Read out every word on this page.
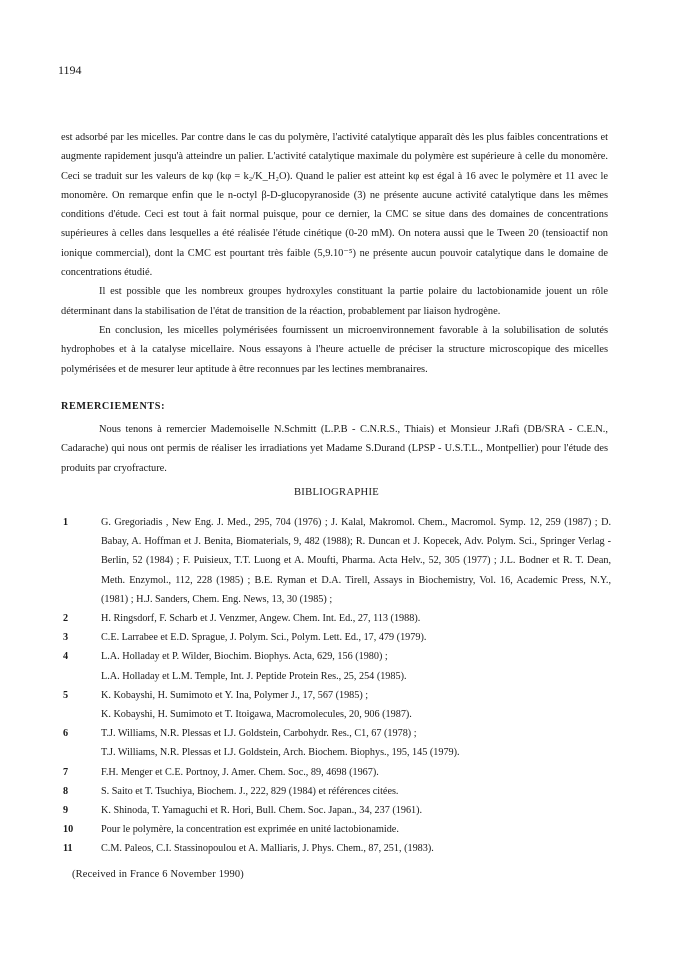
1194

est adsorbé par les micelles. Par contre dans le cas du polymère, l'activité catalytique apparaît dès les plus faibles concentrations et augmente rapidement jusqu'à atteindre un palier. L'activité catalytique maximale du polymère est supérieure à celle du monomère. Ceci se traduit sur les valeurs de kφ (kφ = k₂/K_H₂O). Quand le palier est atteint kφ est égal à 16 avec le polymère et 11 avec le monomère. On remarque enfin que le n-octyl β-D-glucopyranoside (3) ne présente aucune activité catalytique dans les mêmes conditions d'étude. Ceci est tout à fait normal puisque, pour ce dernier, la CMC se situe dans des domaines de concentrations supérieures à celles dans lesquelles a été réalisée l'étude cinétique (0-20 mM). On notera aussi que le Tween 20 (tensioactif non ionique commercial), dont la CMC est pourtant très faible (5,9.10⁻⁵) ne présente aucun pouvoir catalytique dans le domaine de concentrations étudié.

Il est possible que les nombreux groupes hydroxyles constituant la partie polaire du lactobionamide jouent un rôle déterminant dans la stabilisation de l'état de transition de la réaction, probablement par liaison hydrogène.

En conclusion, les micelles polymérisées fournissent un microenvironnement favorable à la solubilisation de solutés hydrophobes et à la catalyse micellaire. Nous essayons à l'heure actuelle de préciser la structure microscopique des micelles polymérisées et de mesurer leur aptitude à être reconnues par les lectines membranaires.

REMERCIEMENTS:
Nous tenons à remercier Mademoiselle N.Schmitt (L.P.B - C.N.R.S., Thiais) et Monsieur J.Rafi (DB/SRA - C.E.N., Cadarache) qui nous ont permis de réaliser les irradiations yet Madame S.Durand (LPSP - U.S.T.L., Montpellier) pour l'étude des produits par cryofracture.
BIBLIOGRAPHIE
1	G. Gregoriadis , New Eng. J. Med., 295, 704 (1976) ; J. Kalal, Makromol. Chem., Macromol. Symp. 12, 259 (1987) ; D. Babay, A. Hoffman et J. Benita, Biomaterials, 9, 482 (1988); R. Duncan et J. Kopecek, Adv. Polym. Sci., Springer Verlag - Berlin, 52 (1984) ; F. Puisieux, T.T. Luong et A. Moufti, Pharma. Acta Helv., 52, 305 (1977) ; J.L. Bodner et R. T. Dean, Meth. Enzymol., 112, 228 (1985) ; B.E. Ryman et D.A. Tirell, Assays in Biochemistry, Vol. 16, Academic Press, N.Y., (1981) ; H.J. Sanders, Chem. Eng. News, 13, 30 (1985) ;
2	H. Ringsdorf, F. Scharb et J. Venzmer, Angew. Chem. Int. Ed., 27, 113 (1988).
3	C.E. Larrabee et E.D. Sprague, J. Polym. Sci., Polym. Lett. Ed., 17, 479 (1979).
4	L.A. Holladay et P. Wilder, Biochim. Biophys. Acta, 629, 156 (1980) ;
L.A. Holladay et L.M. Temple, Int. J. Peptide Protein Res., 25, 254 (1985).
5	K. Kobayshi, H. Sumimoto et Y. Ina, Polymer J., 17, 567 (1985) ;
K. Kobayshi, H. Sumimoto et T. Itoigawa, Macromolecules, 20, 906 (1987).
6	T.J. Williams, N.R. Plessas et I.J. Goldstein, Carbohydr. Res., C1, 67 (1978) ;
T.J. Williams, N.R. Plessas et I.J. Goldstein, Arch. Biochem. Biophys., 195, 145 (1979).
7	F.H. Menger et C.E. Portnoy, J. Amer. Chem. Soc., 89, 4698 (1967).
8	S. Saito et T. Tsuchiya, Biochem. J., 222, 829 (1984) et références citées.
9	K. Shinoda, T. Yamaguchi et R. Hori, Bull. Chem. Soc. Japan., 34, 237 (1961).
10	Pour le polymère, la concentration est exprimée en unité lactobionamide.
11	C.M. Paleos, C.I. Stassinopoulou et A. Malliaris, J. Phys. Chem., 87, 251, (1983).
(Received in France 6 November 1990)
